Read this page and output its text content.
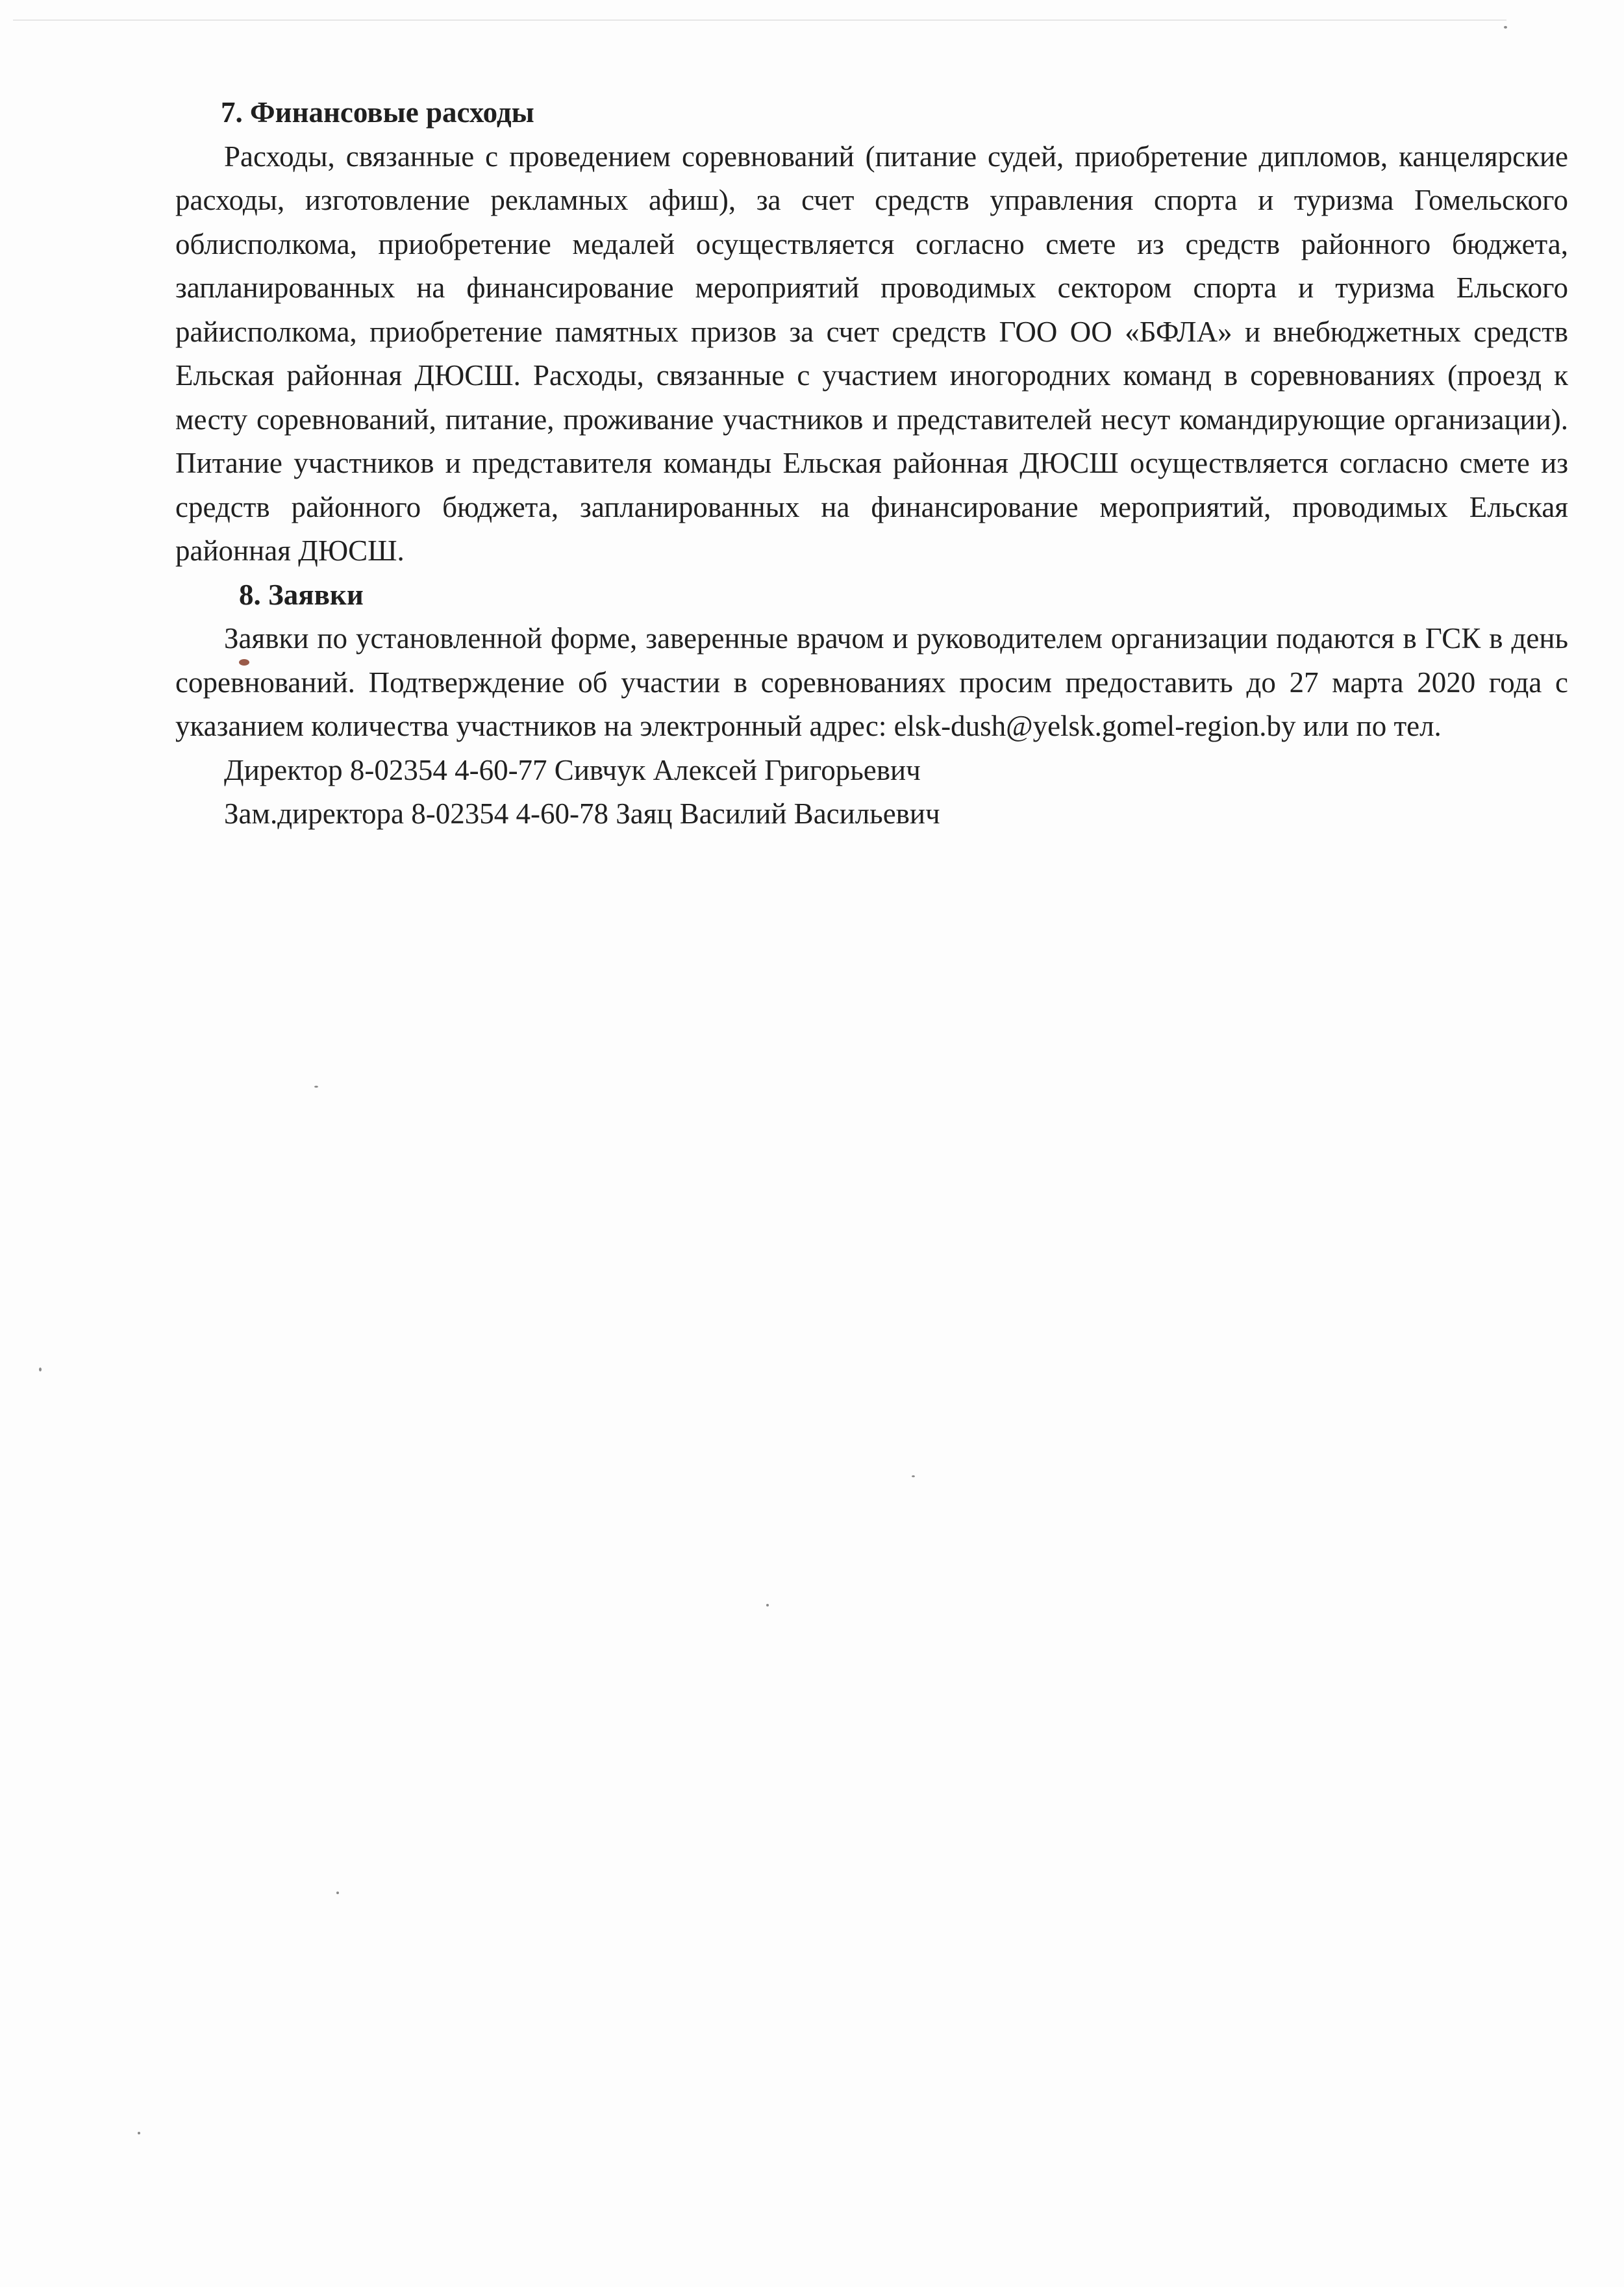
7. Финансовые расходы

Расходы, связанные с проведением соревнований (питание судей, приобретение дипломов, канцелярские расходы, изготовление рекламных афиш), за счет средств управления спорта и туризма Гомельского облисполкома, приобретение медалей осуществляется согласно смете из средств районного бюджета, запланированных на финансирование мероприятий проводимых сектором спорта и туризма Ельского райисполкома, приобретение памятных призов за счет средств ГОО ОО «БФЛА» и внебюджетных средств Ельская районная ДЮСШ. Расходы, связанные с участием иногородних команд в соревнованиях (проезд к месту соревнований, питание, проживание участников и представителей несут командирующие организации). Питание участников и представителя команды Ельская районная ДЮСШ осуществляется согласно смете из средств районного бюджета, запланированных на финансирование мероприятий, проводимых Ельская районная ДЮСШ.

8. Заявки

Заявки по установленной форме, заверенные врачом и руководителем организации подаются в ГСК в день соревнований. Подтверждение об участии в соревнованиях просим предоставить до 27 марта 2020 года с указанием количества участников на электронный адрес: elsk-dush@yelsk.gomel-region.by или по тел.

Директор 8-02354 4-60-77 Сивчук Алексей Григорьевич

Зам.директора 8-02354 4-60-78 Заяц Василий Васильевич
